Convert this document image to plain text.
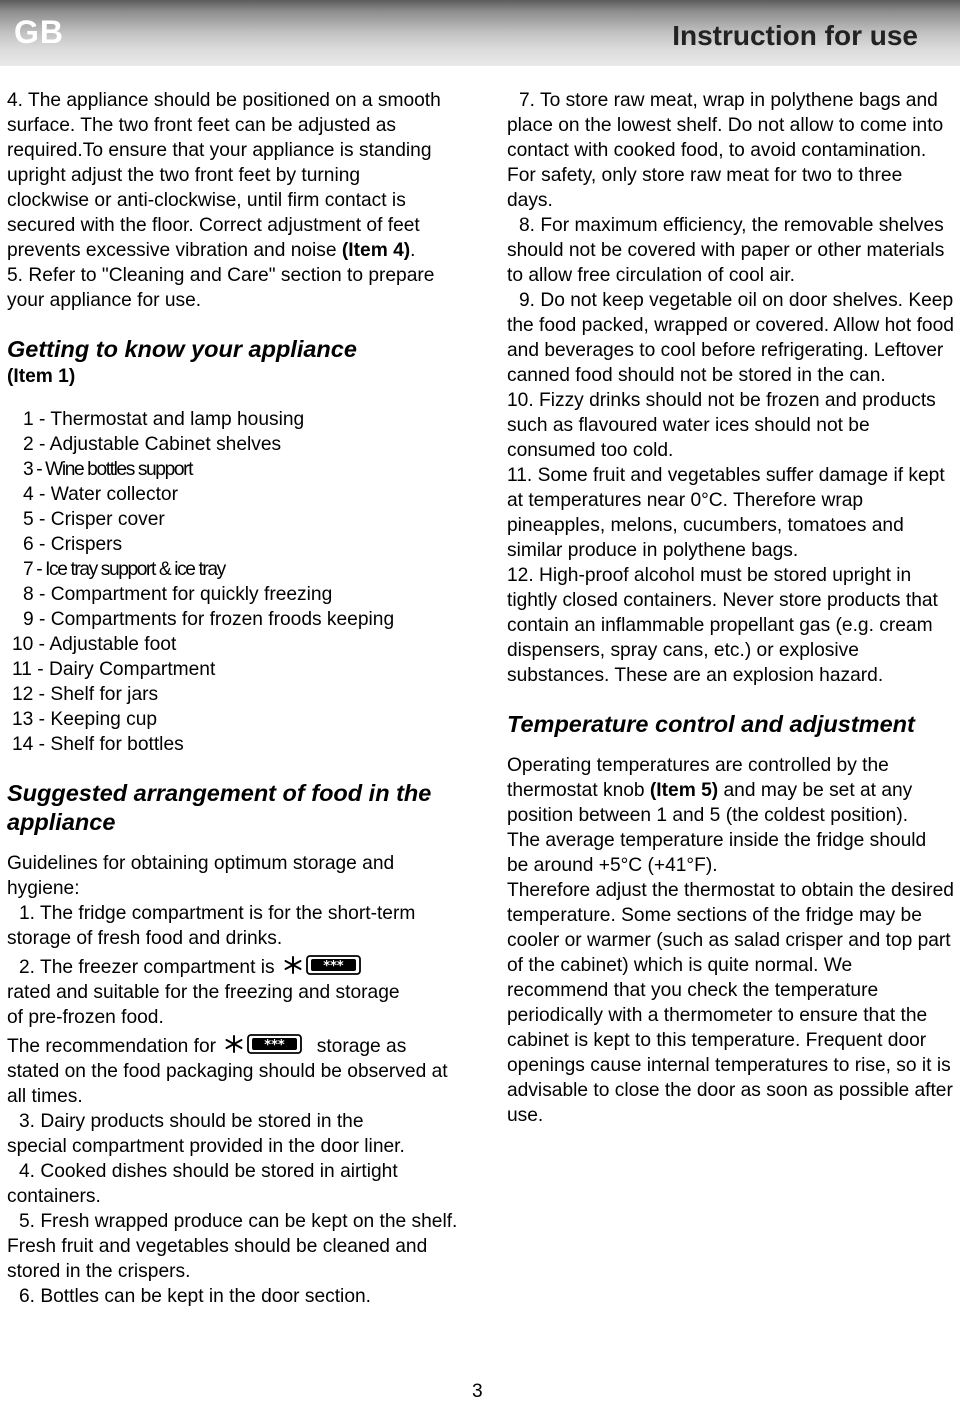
GB	Instruction for use
4. The appliance should be positioned on a smooth surface. The two front feet can be adjusted as required.To ensure that your appliance is standing upright adjust the two front feet by turning clockwise or anti-clockwise, until firm contact is secured with the floor. Correct adjustment of feet prevents excessive vibration and noise (Item 4).
5. Refer to "Cleaning and Care" section to prepare your appliance for use.
Getting to know your appliance
(Item 1)
1 - Thermostat and lamp housing
2 - Adjustable Cabinet shelves
3 - Wine bottles support
4 - Water collector
5 - Crisper cover
6 - Crispers
7 - Ice tray support & ice tray
8 - Compartment for quickly freezing
9 - Compartments for frozen froods keeping
10 - Adjustable foot
11 - Dairy Compartment
12 - Shelf for jars
13 - Keeping cup
14 - Shelf for bottles
Suggested arrangement of food in the appliance
Guidelines for obtaining optimum storage and hygiene:
1. The fridge compartment is for the short-term storage of fresh food and drinks.
2. The freezer compartment is	***
rated and suitable for the freezing and storage of pre-frozen food.
The recommendation for	*** storage as stated on the food packaging should be observed at all times.
3. Dairy products should be stored in the special compartment provided in the door liner.
4. Cooked dishes should be stored in airtight containers.
5. Fresh wrapped produce can be kept on the shelf. Fresh fruit and vegetables should be cleaned and stored in the crispers.
6. Bottles can be kept in the door section.
7. To store raw meat, wrap in polythene bags and place on the lowest shelf. Do not allow to come into contact with cooked food, to avoid contamination. For safety, only store raw meat for two to three days.
8. For maximum efficiency, the removable shelves should not be covered with paper or other materials to allow free circulation of cool air.
9. Do not keep vegetable oil on door shelves. Keep the food packed, wrapped or covered. Allow hot food and beverages to cool before refrigerating. Leftover canned food should not be stored in the can.
10. Fizzy drinks should not be frozen and products such as flavoured water ices should not be consumed too cold.
11. Some fruit and vegetables suffer damage if kept at temperatures near 0°C. Therefore wrap pineapples, melons, cucumbers, tomatoes and similar produce in polythene bags.
12. High-proof alcohol must be stored upright in tightly closed containers. Never store products that contain an inflammable propellant gas (e.g. cream dispensers, spray cans, etc.) or explosive substances. These are an explosion hazard.
Temperature control and adjustment
Operating temperatures are controlled by the thermostat knob (Item 5) and may be set at any position between 1 and 5 (the coldest position).
The average temperature inside the fridge should be around +5°C (+41°F).
Therefore adjust the thermostat to obtain the desired temperature. Some sections of the fridge may be cooler or warmer (such as salad crisper and top part of the cabinet) which is quite normal. We recommend that you check the temperature periodically with a thermometer to ensure that the cabinet is kept to this temperature. Frequent door openings cause internal temperatures to rise, so it is advisable to close the door as soon as possible after use.
3
